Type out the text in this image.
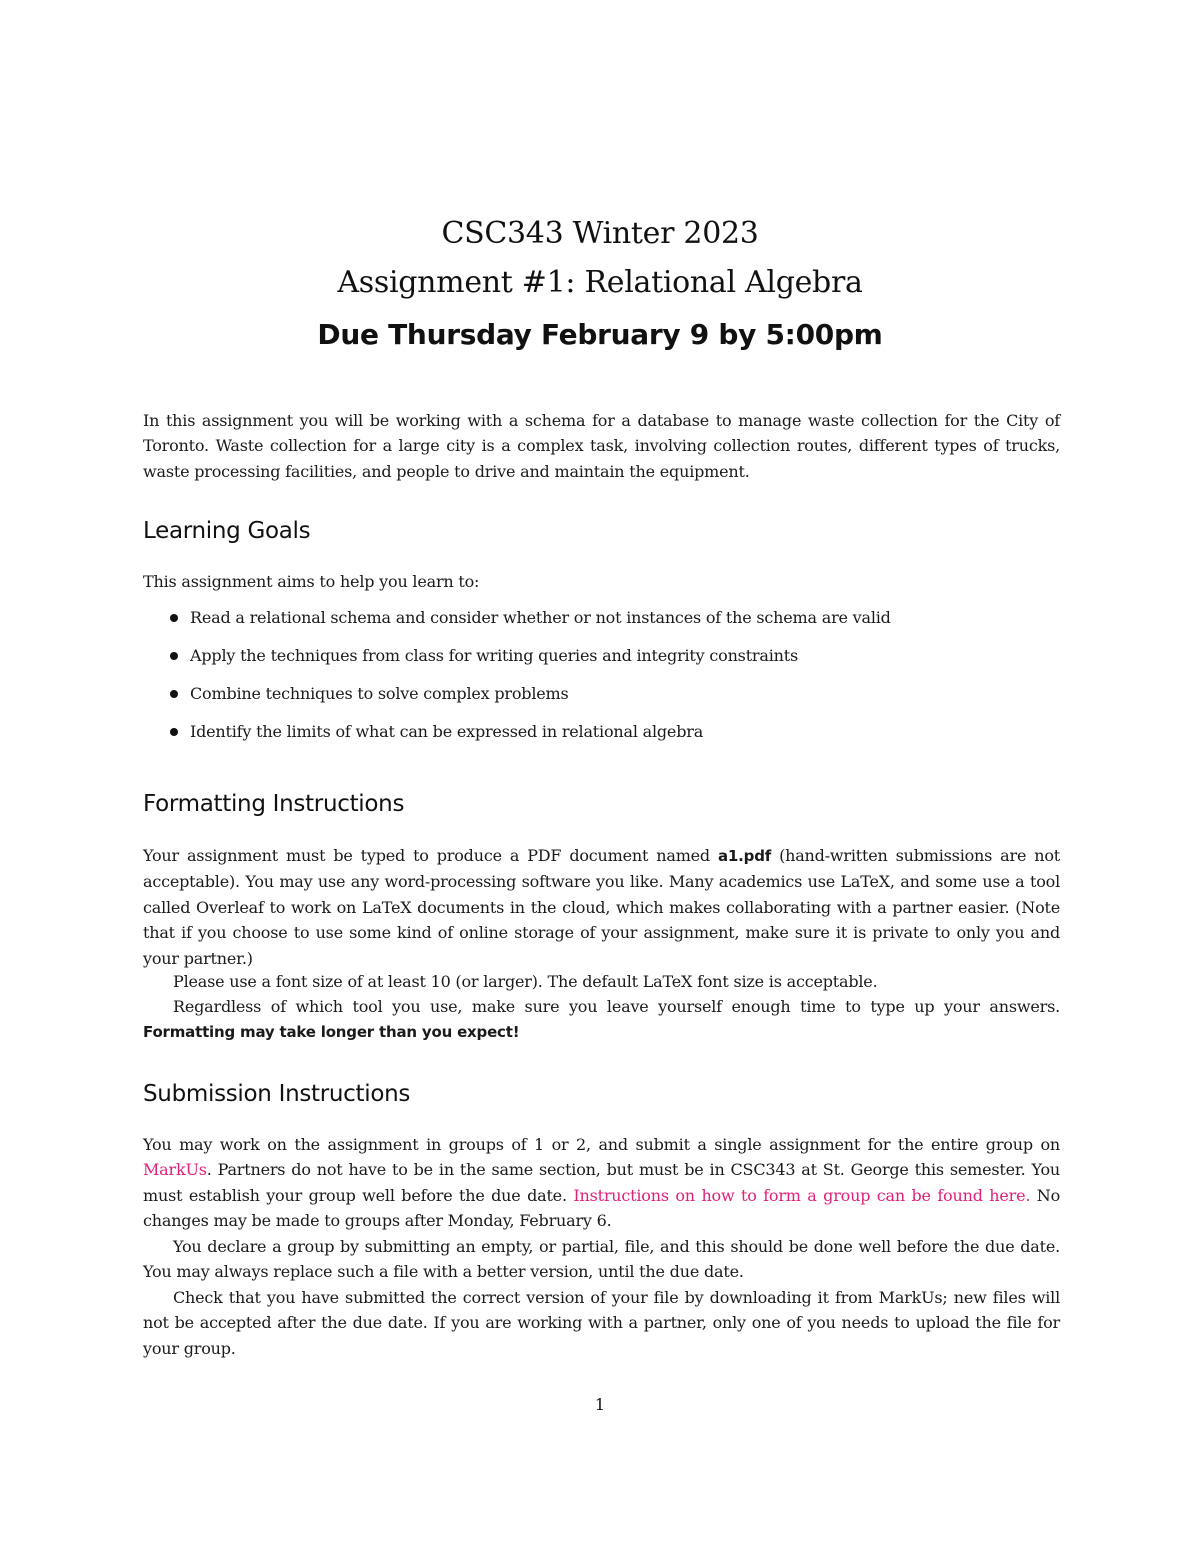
CSC343 Winter 2023
Assignment #1: Relational Algebra
Due Thursday February 9 by 5:00pm
In this assignment you will be working with a schema for a database to manage waste collection for the City of Toronto. Waste collection for a large city is a complex task, involving collection routes, different types of trucks, waste processing facilities, and people to drive and maintain the equipment.
Learning Goals
This assignment aims to help you learn to:
Read a relational schema and consider whether or not instances of the schema are valid
Apply the techniques from class for writing queries and integrity constraints
Combine techniques to solve complex problems
Identify the limits of what can be expressed in relational algebra
Formatting Instructions
Your assignment must be typed to produce a PDF document named a1.pdf (hand-written submissions are not acceptable). You may use any word-processing software you like. Many academics use LaTeX, and some use a tool called Overleaf to work on LaTeX documents in the cloud, which makes collaborating with a partner easier. (Note that if you choose to use some kind of online storage of your assignment, make sure it is private to only you and your partner.)
Please use a font size of at least 10 (or larger). The default LaTeX font size is acceptable.
Regardless of which tool you use, make sure you leave yourself enough time to type up your answers. Formatting may take longer than you expect!
Submission Instructions
You may work on the assignment in groups of 1 or 2, and submit a single assignment for the entire group on MarkUs. Partners do not have to be in the same section, but must be in CSC343 at St. George this semester. You must establish your group well before the due date. Instructions on how to form a group can be found here. No changes may be made to groups after Monday, February 6.
You declare a group by submitting an empty, or partial, file, and this should be done well before the due date. You may always replace such a file with a better version, until the due date.
Check that you have submitted the correct version of your file by downloading it from MarkUs; new files will not be accepted after the due date. If you are working with a partner, only one of you needs to upload the file for your group.
1
